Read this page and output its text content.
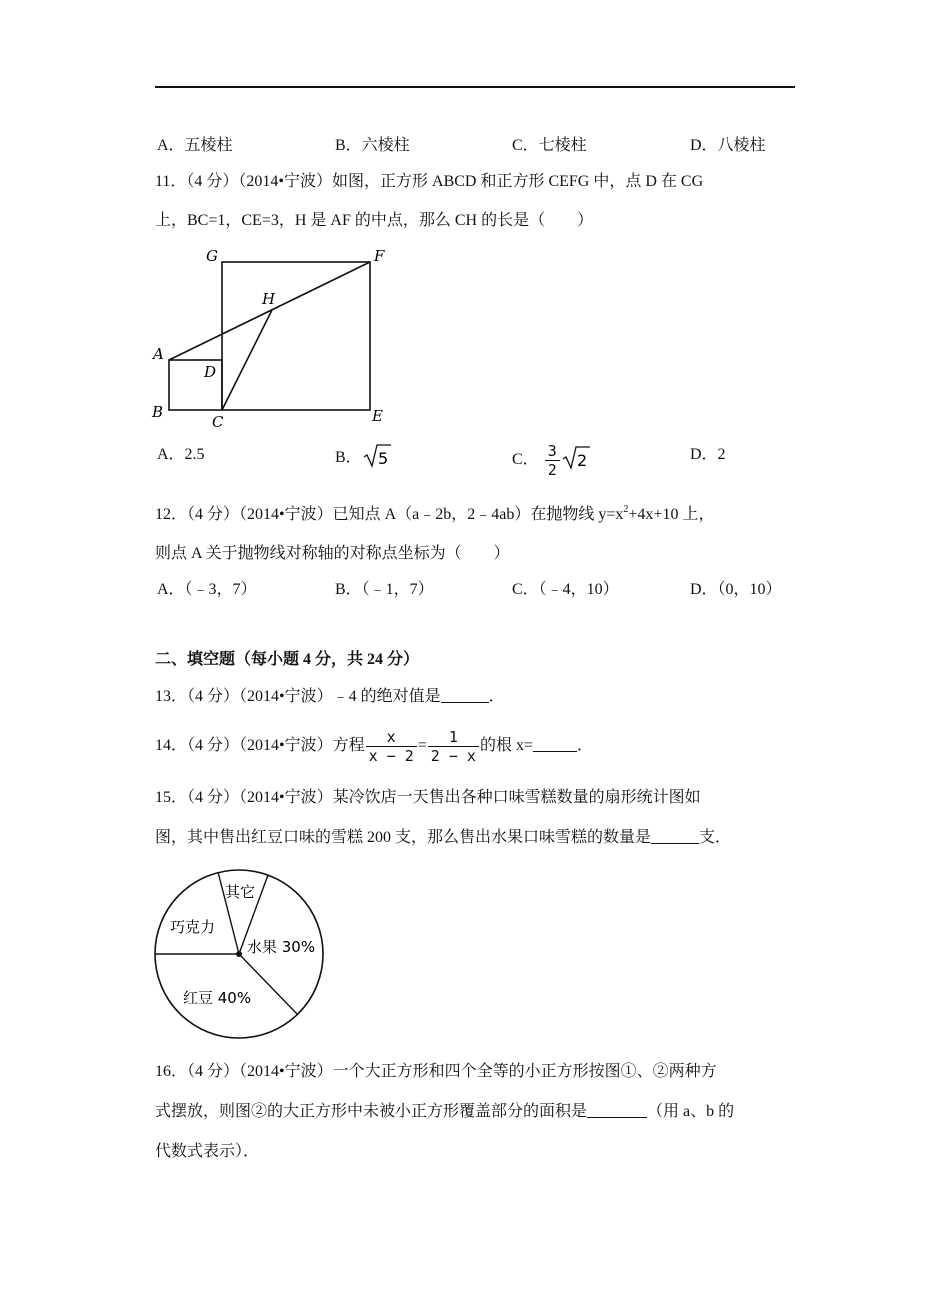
A．五棱柱	B．六棱柱	C．七棱柱	D．八棱柱
11．（4 分）（2014•宁波）如图，正方形 ABCD 和正方形 CEFG 中，点 D 在 CG
上，BC=1，CE=3，H 是 AF 的中点，那么 CH 的长是（　　）
G	F
H
A
D
B
C	E
A．2.5	B． 5	C． $\frac{3}{2} 2$	D．2
12．（4 分）（2014•宁波）已知点 A（a﹣2b，2﹣4ab）在抛物线 $y=x^2+4x+10$ 上，
则点 A 关于抛物线对称轴的对称点坐标为（　　）
A．（﹣3，7）	B．（﹣1，7）	C．（﹣4，10）	D．（0，10）
二、填空题（每小题 4 分，共 24 分）
13．（4 分）（2014•宁波）﹣4 的绝对值是	．
14．（4 分）（2014•宁波）方程 $\frac{x}{x - 2} = \frac{1}{2 - x}$ 的根 x=	．
15．（4 分）（2014•宁波）某冷饮店一天售出各种口味雪糕数量的扇形统计图如
图，其中售出红豆口味的雪糕 200 支，那么售出水果口味雪糕的数量是	支．
其它
巧克力
水果 30%
红豆 40%
16．（4 分）（2014•宁波）一个大正方形和四个全等的小正方形按图①、②两种方
式摆放，则图②的大正方形中未被小正方形覆盖部分的面积是	（用 a、b 的
代数式表示）．
